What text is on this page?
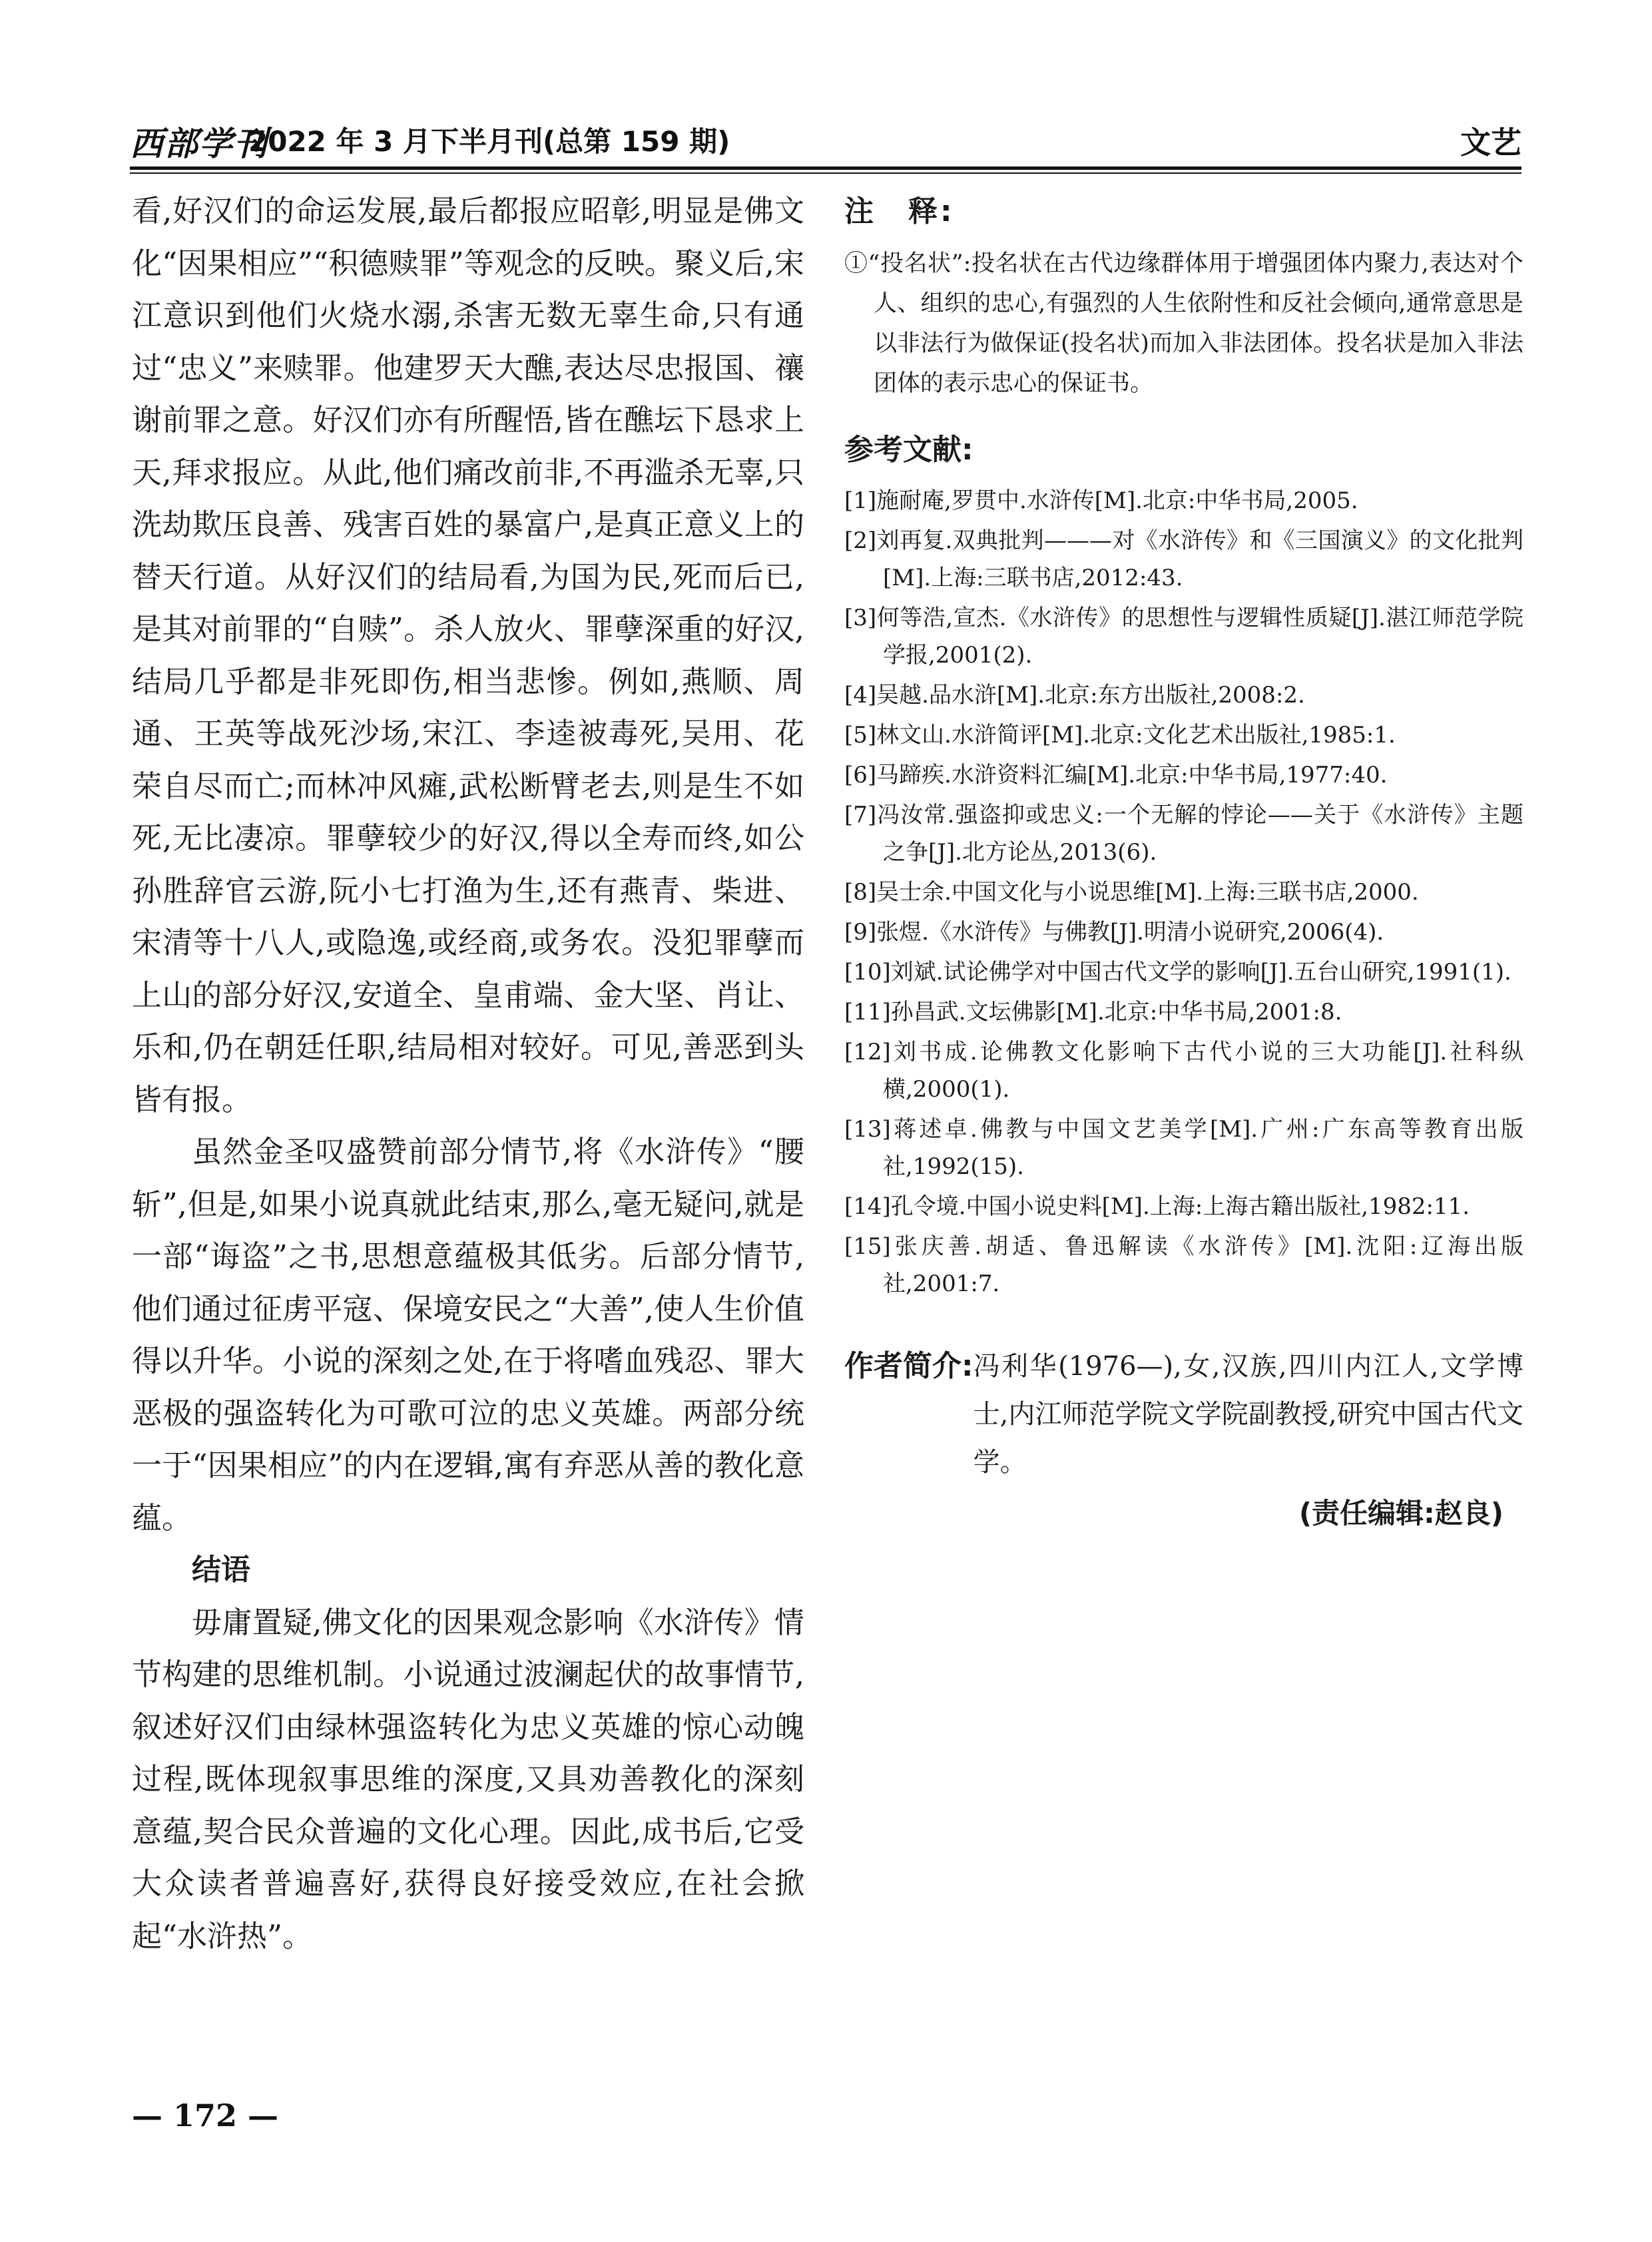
西部学刊
2022 年 3 月下半月刊(总第 159 期)	文艺

看,好汉们的命运发展,最后都报应昭彰,明显是佛文化“因果相应”“积德赎罪”等观念的反映。聚义后,宋江意识到他们火烧水溺,杀害无数无辜生命,只有通过“忠义”来赎罪。他建罗天大醮,表达尽忠报国、禳谢前罪之意。好汉们亦有所醒悟,皆在醮坛下恳求上天,拜求报应。从此,他们痛改前非,不再滥杀无辜,只洗劫欺压良善、残害百姓的暴富户,是真正意义上的替天行道。从好汉们的结局看,为国为民,死而后已,是其对前罪的“自赎”。杀人放火、罪孽深重的好汉,结局几乎都是非死即伤,相当悲惨。例如,燕顺、周通、王英等战死沙场,宋江、李逵被毒死,吴用、花荣自尽而亡;而林冲风瘫,武松断臂老去,则是生不如死,无比凄凉。罪孽较少的好汉,得以全寿而终,如公孙胜辞官云游,阮小七打渔为生,还有燕青、柴进、宋清等十八人,或隐逸,或经商,或务农。没犯罪孽而上山的部分好汉,安道全、皇甫端、金大坚、肖让、乐和,仍在朝廷任职,结局相对较好。可见,善恶到头皆有报。

虽然金圣叹盛赞前部分情节,将《水浒传》“腰斩”,但是,如果小说真就此结束,那么,毫无疑问,就是一部“诲盗”之书,思想意蕴极其低劣。后部分情节,他们通过征虏平寇、保境安民之“大善”,使人生价值得以升华。小说的深刻之处,在于将嗜血残忍、罪大恶极的强盗转化为可歌可泣的忠义英雄。两部分统一于“因果相应”的内在逻辑,寓有弃恶从善的教化意蕴。

结语

毋庸置疑,佛文化的因果观念影响《水浒传》情节构建的思维机制。小说通过波澜起伏的故事情节,叙述好汉们由绿林强盗转化为忠义英雄的惊心动魄过程,既体现叙事思维的深度,又具劝善教化的深刻意蕴,契合民众普遍的文化心理。因此,成书后,它受大众读者普遍喜好,获得良好接受效应,在社会掀起“水浒热”。

注　释:

①“投名状”:投名状在古代边缘群体用于增强团体内聚力,表达对个人、组织的忠心,有强烈的人生依附性和反社会倾向,通常意思是以非法行为做保证(投名状)而加入非法团体。投名状是加入非法团体的表示忠心的保证书。

参考文献:

[1]施耐庵,罗贯中.水浒传[M].北京:中华书局,2005.
[2]刘再复.双典批判———对《水浒传》和《三国演义》的文化批判[M].上海:三联书店,2012:43.
[3]何等浩,宣杰.《水浒传》的思想性与逻辑性质疑[J].湛江师范学院学报,2001(2).
[4]吴越.品水浒[M].北京:东方出版社,2008:2.
[5]林文山.水浒简评[M].北京:文化艺术出版社,1985:1.
[6]马蹄疾.水浒资料汇编[M].北京:中华书局,1977:40.
[7]冯汝常.强盗抑或忠义:一个无解的悖论——关于《水浒传》主题之争[J].北方论丛,2013(6).
[8]吴士余.中国文化与小说思维[M].上海:三联书店,2000.
[9]张煜.《水浒传》与佛教[J].明清小说研究,2006(4).
[10]刘斌.试论佛学对中国古代文学的影响[J].五台山研究,1991(1).
[11]孙昌武.文坛佛影[M].北京:中华书局,2001:8.
[12]刘书成.论佛教文化影响下古代小说的三大功能[J].社科纵横,2000(1).
[13]蒋述卓.佛教与中国文艺美学[M].广州:广东高等教育出版社,1992(15).
[14]孔令境.中国小说史料[M].上海:上海古籍出版社,1982:11.
[15]张庆善.胡适、鲁迅解读《水浒传》[M].沈阳:辽海出版社,2001:7.
作者简介: 冯利华(1976—),女,汉族,四川内江人,文学博士,内江师范学院文学院副教授,研究中国古代文学。
(责任编辑:赵良)
— 172 —
